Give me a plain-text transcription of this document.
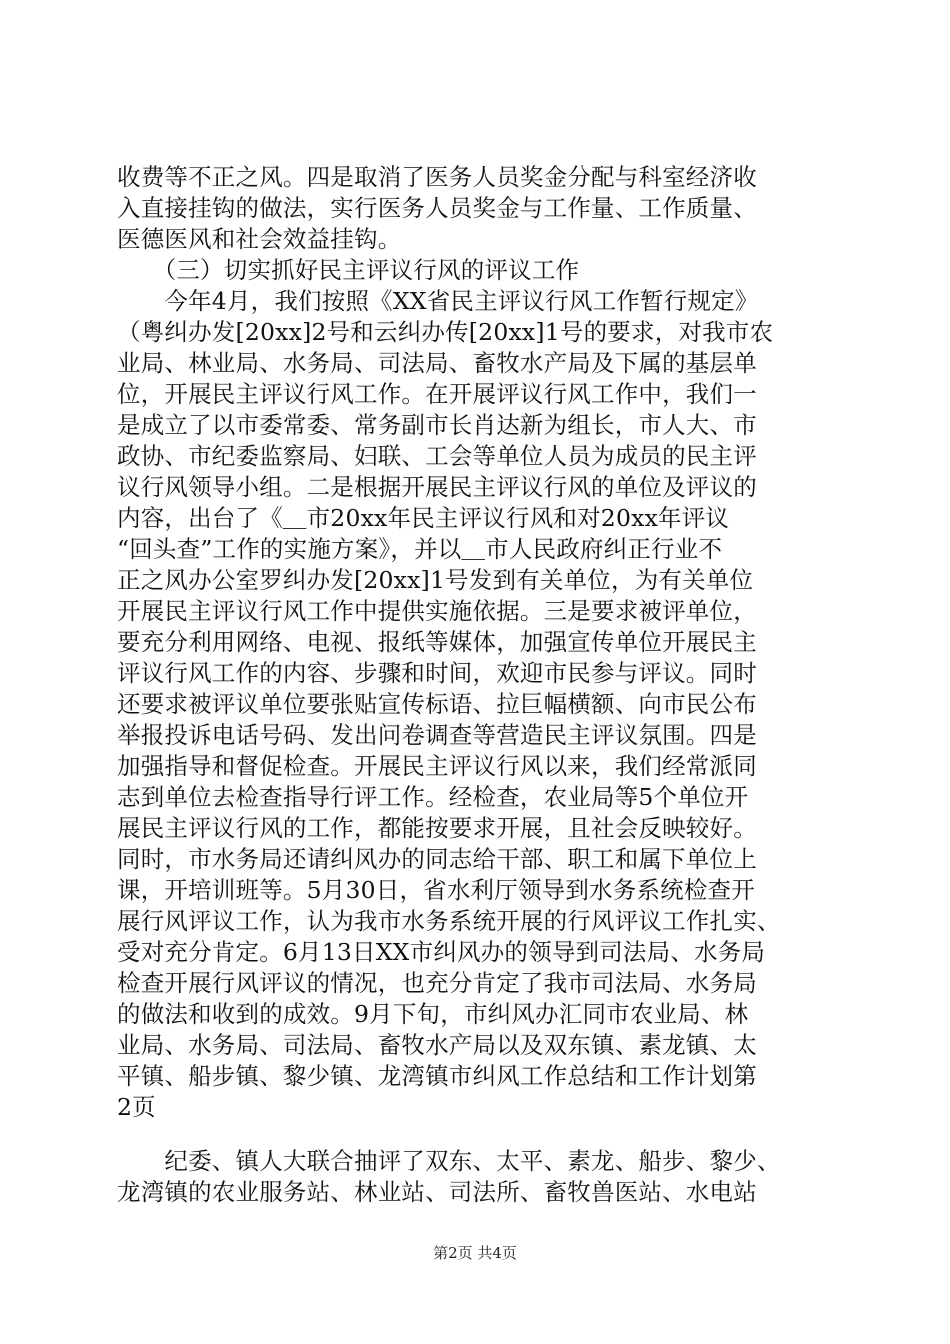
收费等不正之风。四是取消了医务人员奖金分配与科室经济收
入直接挂钩的做法，实行医务人员奖金与工作量、工作质量、
医德医风和社会效益挂钩。
　　（三）切实抓好民主评议行风的评议工作
　　今年4月，我们按照《XX省民主评议行风工作暂行规定》
（粤纠办发[20xx]2号和云纠办传[20xx]1号的要求，对我市农
业局、林业局、水务局、司法局、畜牧水产局及下属的基层单
位，开展民主评议行风工作。在开展评议行风工作中，我们一
是成立了以市委常委、常务副市长肖达新为组长，市人大、市
政协、市纪委监察局、妇联、工会等单位人员为成员的民主评
议行风领导小组。二是根据开展民主评议行风的单位及评议的
内容，出台了《＿市20xx年民主评议行风和对20xx年评议
“回头查”工作的实施方案》，并以＿市人民政府纠正行业不
正之风办公室罗纠办发[20xx]1号发到有关单位，为有关单位
开展民主评议行风工作中提供实施依据。三是要求被评单位，
要充分利用网络、电视、报纸等媒体，加强宣传单位开展民主
评议行风工作的内容、步骤和时间，欢迎市民参与评议。同时
还要求被评议单位要张贴宣传标语、拉巨幅横额、向市民公布
举报投诉电话号码、发出问卷调查等营造民主评议氛围。四是
加强指导和督促检查。开展民主评议行风以来，我们经常派同
志到单位去检查指导行评工作。经检查，农业局等5个单位开
展民主评议行风的工作，都能按要求开展，且社会反映较好。
同时，市水务局还请纠风办的同志给干部、职工和属下单位上
课，开培训班等。5月30日，省水利厅领导到水务系统检查开
展行风评议工作，认为我市水务系统开展的行风评议工作扎实、
受对充分肯定。6月13日XX市纠风办的领导到司法局、水务局
检查开展行风评议的情况，也充分肯定了我市司法局、水务局
的做法和收到的成效。9月下旬，市纠风办汇同市农业局、林
业局、水务局、司法局、畜牧水产局以及双东镇、素龙镇、太
平镇、船步镇、黎少镇、龙湾镇市纠风工作总结和工作计划第
2页
　　纪委、镇人大联合抽评了双东、太平、素龙、船步、黎少、
龙湾镇的农业服务站、林业站、司法所、畜牧兽医站、水电站
第2页 共4页
